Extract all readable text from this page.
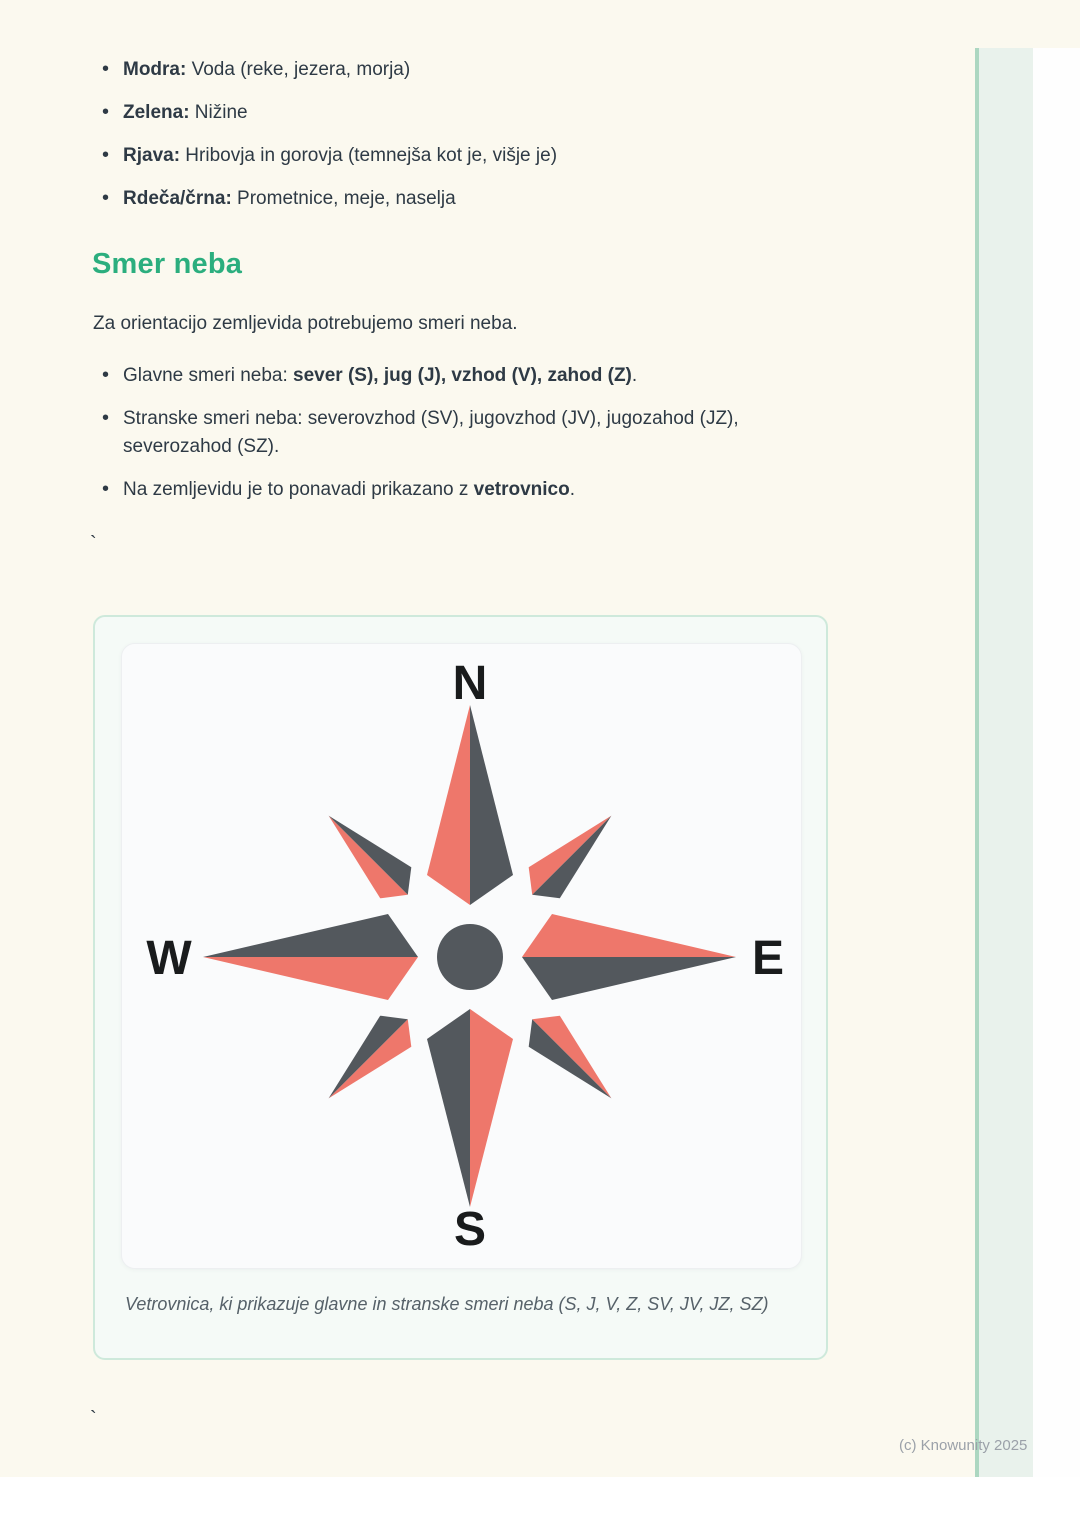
• Modra: Voda (reke, jezera, morja)
• Zelena: Nižine
• Rjava: Hribovja in gorovja (temnejša kot je, višje je)
• Rdeča/črna: Prometnice, meje, naselja
Smer neba

Za orientacijo zemljevida potrebujemo smeri neba.

• Glavne smeri neba: sever (S), jug (J), vzhod (V), zahod (Z).
• Stranske smeri neba: severovzhod (SV), jugovzhod (JV), jugozahod (JZ), severozahod (SZ).
• Na zemljevidu je to ponavadi prikazano z vetrovnico.
`
N
E
S
W
Vetrovnica, ki prikazuje glavne in stranske smeri neba (S, J, V, Z, SV, JV, JZ, SZ)
`
(c) Knowunity 2025
